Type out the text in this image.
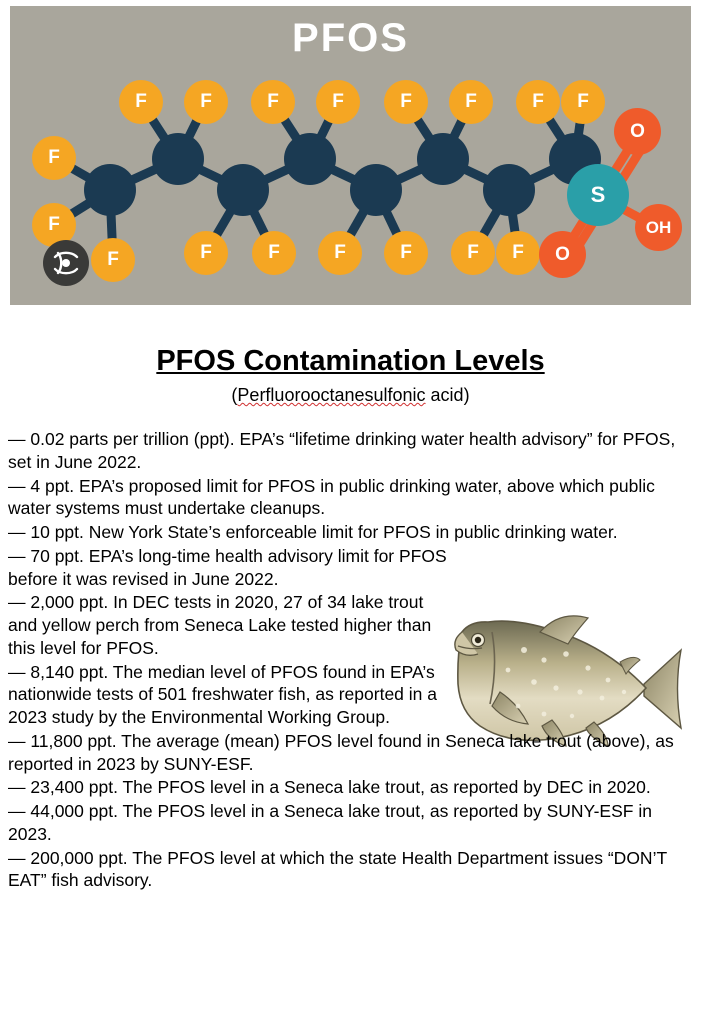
PFOS
F	F	F	F	F	F	F	F
F	F	F	F	F	F
F
F
F
S
O
O
OH
PFOS Contamination Levels
(Perfluorooctanesulfonic acid)

— 0.02 parts per trillion (ppt). EPA’s “lifetime drinking water health advisory” for PFOS, set in June 2022.

— 4 ppt. EPA’s proposed limit for PFOS in public drinking water, above which public water systems must undertake cleanups.

— 10 ppt. New York State’s enforceable limit for PFOS in public drinking water.

— 70 ppt. EPA’s long-time health advisory limit for PFOS before it was revised in June 2022.

— 2,000 ppt. In DEC tests in 2020, 27 of 34 lake trout and yellow perch from Seneca Lake tested higher than this level for PFOS.

— 8,140 ppt. The median level of PFOS found in EPA’s nationwide tests of 501 freshwater fish, as reported in a 2023 study by the Environmental Working Group.

— 11,800 ppt. The average (mean) PFOS level found in Seneca lake trout (above), as reported in 2023 by SUNY-ESF.

— 23,400 ppt. The PFOS level in a Seneca lake trout, as reported by DEC in 2020.

— 44,000 ppt. The PFOS level in a Seneca lake trout, as reported by SUNY-ESF in 2023.

— 200,000 ppt. The PFOS level at which the state Health Department issues “DON’T EAT” fish advisory.
